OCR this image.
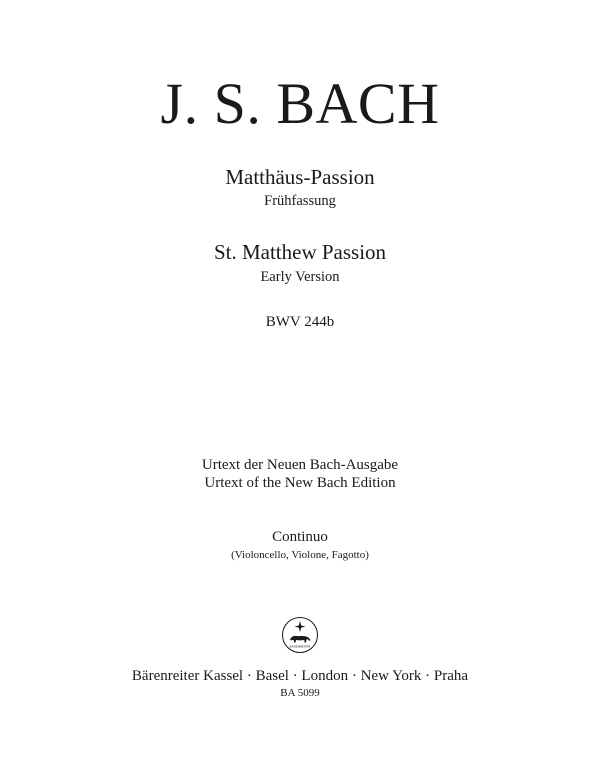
J. S. BACH
Matthäus-Passion
Frühfassung
St. Matthew Passion
Early Version
BWV 244b
Urtext der Neuen Bach-Ausgabe
Urtext of the New Bach Edition
Continuo
(Violoncello, Violone, Fagotto)
BÄRENREITER
Bärenreiter Kassel · Basel · London · New York · Praha
BA 5099
